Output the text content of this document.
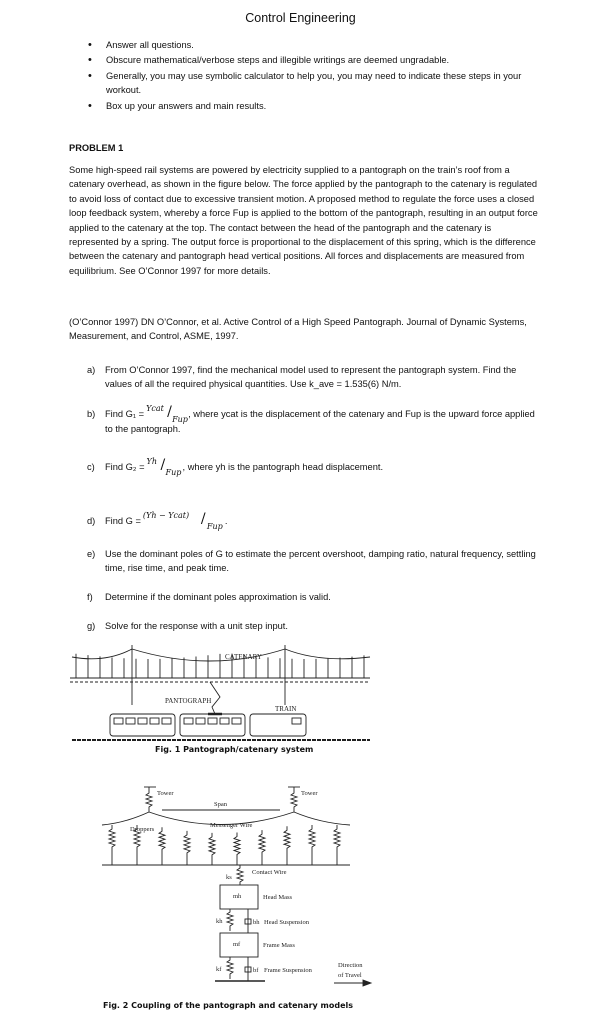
Control Engineering
• Answer all questions.
• Obscure mathematical/verbose steps and illegible writings are deemed ungradable.
• Generally, you may use symbolic calculator to help you, you may need to indicate these steps in your workout.
• Box up your answers and main results.
PROBLEM 1
Some high-speed rail systems are powered by electricity supplied to a pantograph on the train’s roof from a catenary overhead, as shown in the figure below. The force applied by the pantograph to the catenary is regulated to avoid loss of contact due to excessive transient motion. A proposed method to regulate the force uses a closed loop feedback system, whereby a force Fup is applied to the bottom of the pantograph, resulting in an output force applied to the catenary at the top. The contact between the head of the pantograph and the catenary is represented by a spring. The output force is proportional to the displacement of this spring, which is the difference between the catenary and pantograph head vertical positions. All forces and displacements are measured from equilibrium. See O’Connor 1997 for more details.
(O’Connor 1997) DN O’Connor, et al. Active Control of a High Speed Pantograph. Journal of Dynamic Systems, Measurement, and Control, ASME, 1997.
a) From O’Connor 1997, find the mechanical model used to represent the pantograph system. Find the values of all the required physical quantities. Use k_ave = 1.535(6) N/m.
b) Find G₁ =
Ycat / Fup
, where ycat is the displacement of the catenary and Fup is the upward force applied to the pantograph.
c) Find G₂ =
Yh / Fup
, where yh is the pantograph head displacement.
d) Find G =
(Yh − Ycat) / Fup
.
e) Use the dominant poles of G to estimate the percent overshoot, damping ratio, natural frequency, settling time, rise time, and peak time.
f) Determine if the dominant poles approximation is valid.
g) Solve for the response with a unit step input.
CATENARY
PANTOGRAPH
TRAIN
Fig. 1 Pantograph/catenary system
Tower	Tower
Span
Messenger Wire
Droppers
Contact Wire
ks
mh	Head Mass
kh	bh Head Suspension
mf	Frame Mass
kf	bf Frame Suspension
Direction
of Travel
Fig. 2 Coupling of the pantograph and catenary models
